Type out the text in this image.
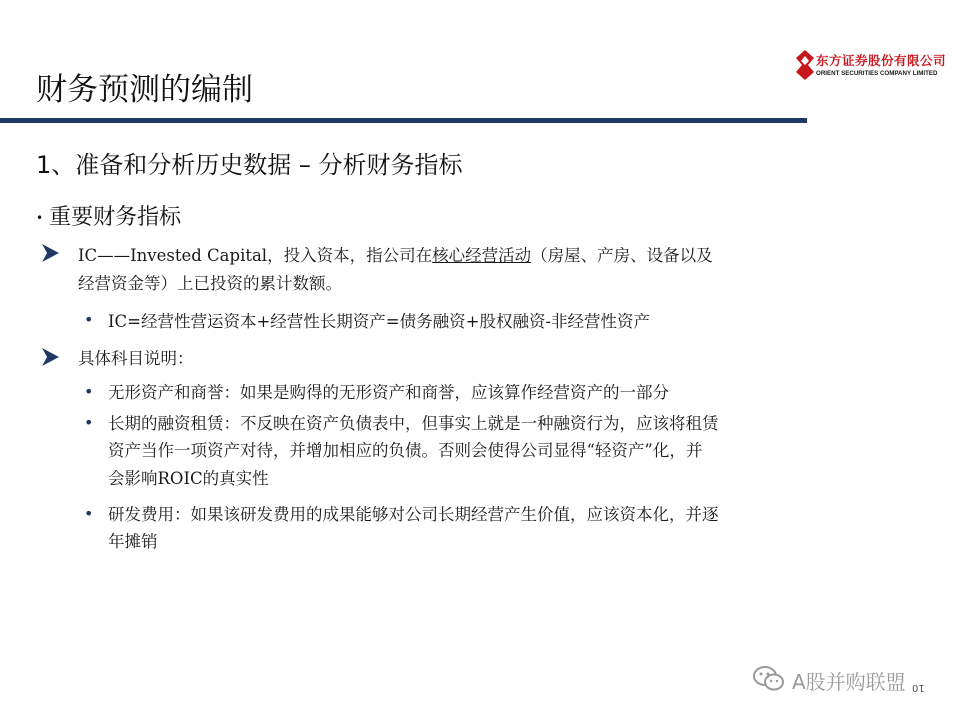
东方证券股份有限公司
ORIENT SECURITIES COMPANY LIMITED
财务预测的编制
1、准备和分析历史数据 – 分析财务指标
• 重要财务指标
IC——Invested Capital，投入资本，指公司在核心经营活动（房屋、产房、设备以及
经营资金等）上已投资的累计数额。
• IC=经营性营运资本+经营性长期资产=债务融资+股权融资-非经营性资产
具体科目说明：
• 无形资产和商誉：如果是购得的无形资产和商誉，应该算作经营资产的一部分
• 长期的融资租赁：不反映在资产负债表中，但事实上就是一种融资行为，应该将租赁
资产当作一项资产对待，并增加相应的负债。否则会使得公司显得“轻资产”化，并
会影响ROIC的真实性
• 研发费用：如果该研发费用的成果能够对公司长期经营产生价值，应该资本化，并逐
年摊销
10
A股并购联盟
